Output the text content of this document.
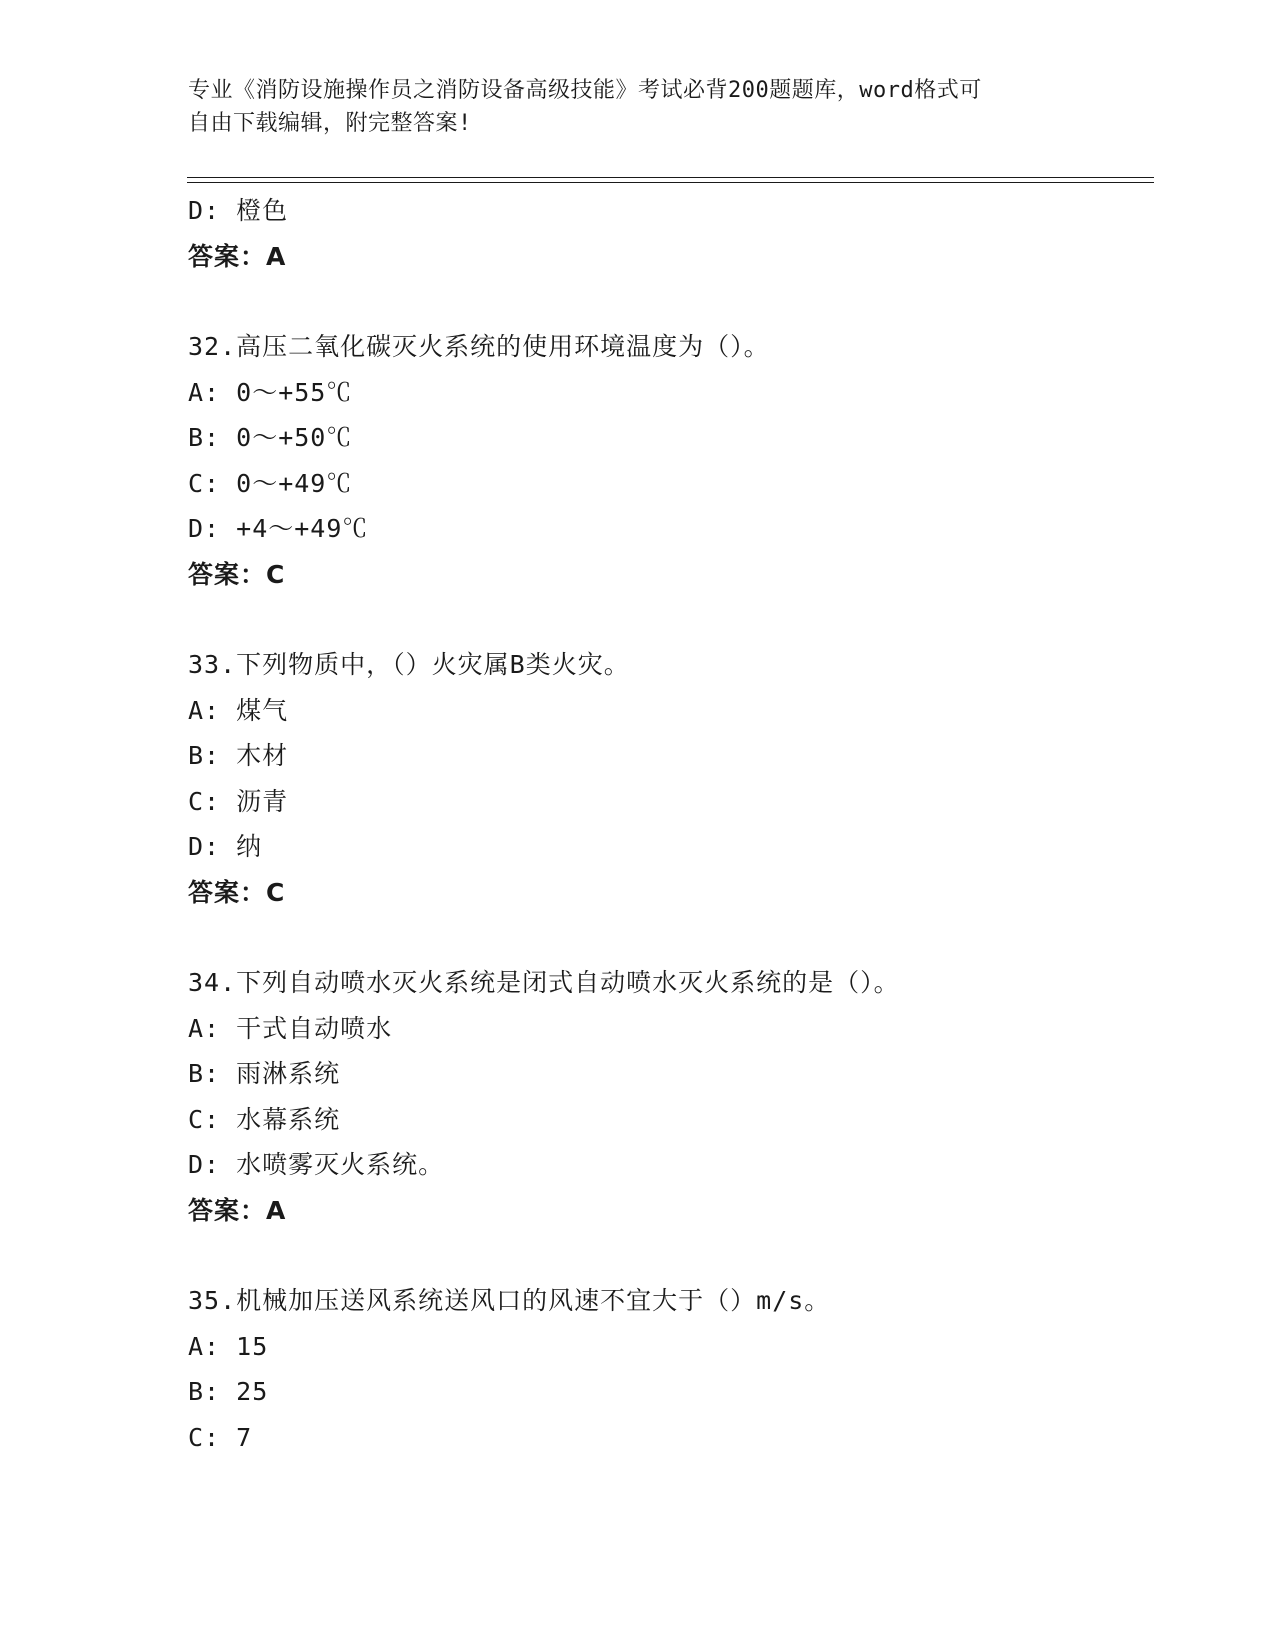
专业《消防设施操作员之消防设备高级技能》考试必背200题题库，word格式可
自由下载编辑，附完整答案!
D: 橙色
答案：A
32.高压二氧化碳灭火系统的使用环境温度为（）。
A: 0～+55℃
B: 0～+50℃
C: 0～+49℃
D: +4～+49℃
答案：C
33.下列物质中，（）火灾属B类火灾。
A: 煤气
B: 木材
C: 沥青
D: 纳
答案：C
34.下列自动喷水灭火系统是闭式自动喷水灭火系统的是（）。
A: 干式自动喷水
B: 雨淋系统
C: 水幕系统
D: 水喷雾灭火系统。
答案：A
35.机械加压送风系统送风口的风速不宜大于（）m/s。
A: 15
B: 25
C: 7
